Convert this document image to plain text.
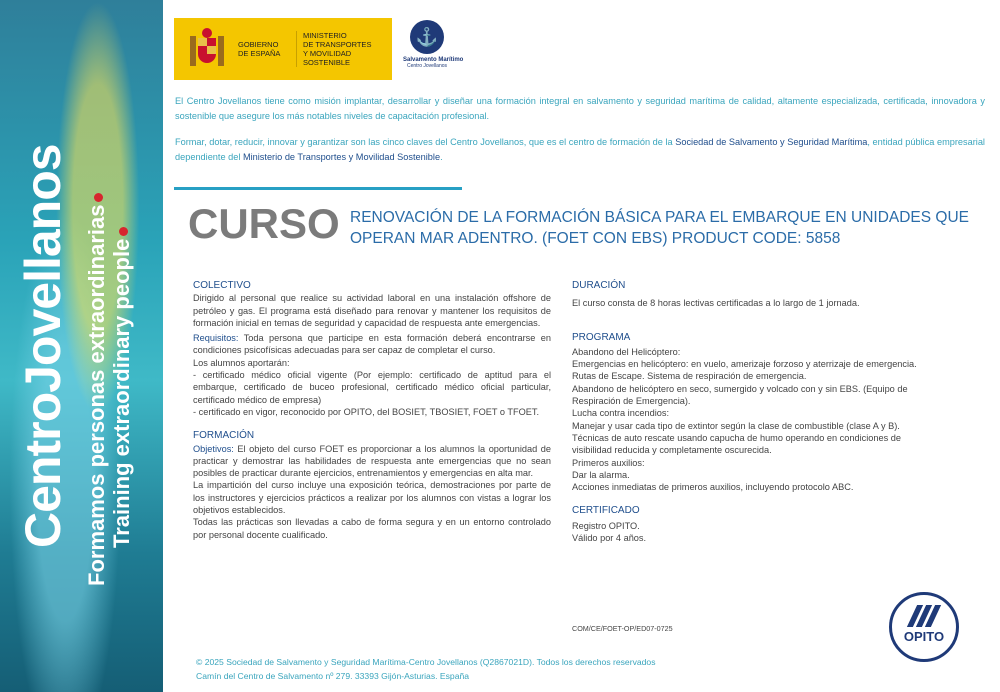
CentroJovellanos Formamos personas extraordinarias Training extraordinary people
GOBIERNO
DE ESPAÑA
MINISTERIO
DE TRANSPORTES
Y MOVILIDAD SOSTENIBLE
⚓
Salvamento Marítimo
Centro Jovellanos
El Centro Jovellanos tiene como misión implantar, desarrollar y diseñar una formación integral en salvamento y seguridad marítima de calidad, altamente especializada, certificada, innovadora y sostenible que asegure los más notables niveles de capacitación profesional.
Formar, dotar, reducir, innovar y garantizar son las cinco claves del Centro Jovellanos, que es el centro de formación de la Sociedad de Salvamento y Seguridad Marítima, entidad pública empresarial dependiente del Ministerio de Transportes y Movilidad Sostenible.
CURSO RENOVACIÓN DE LA FORMACIÓN BÁSICA PARA EL EMBARQUE EN UNIDADES QUE OPERAN MAR ADENTRO. (FOET CON EBS) PRODUCT CODE: 5858
COLECTIVO

Dirigido al personal que realice su actividad laboral en una instalación offshore de petróleo y gas. El programa está diseñado para renovar y mantener los requisitos de formación inicial en temas de seguridad y capacidad de respuesta ante emergencias.

Requisitos: Toda persona que participe en esta formación deberá encontrarse en condiciones psicofísicas adecuadas para ser capaz de completar el curso.

Los alumnos aportarán:

- certificado médico oficial vigente (Por ejemplo: certificado de aptitud para el embarque, certificado de buceo profesional, certificado médico oficial particular, certificado médico de empresa)

- certificado en vigor, reconocido por OPITO, del BOSIET, TBOSIET, FOET o TFOET.

FORMACIÓN

Objetivos: El objeto del curso FOET es proporcionar a los alumnos la oportunidad de practicar y demostrar las habilidades de respuesta ante emergencias que no sean posibles de practicar durante ejercicios, entrenamientos y emergencias en alta mar.

La impartición del curso incluye una exposición teórica, demostraciones por parte de los instructores y ejercicios prácticos a realizar por los alumnos con vistas a lograr los objetivos establecidos.

Todas las prácticas son llevadas a cabo de forma segura y en un entorno controlado por personal docente cualificado.

DURACIÓN

El curso consta de 8 horas lectivas certificadas a lo largo de 1 jornada.

PROGRAMA

Abandono del Helicóptero:

Emergencias en helicóptero: en vuelo, amerizaje forzoso y aterrizaje de emergencia. Rutas de Escape. Sistema de respiración de emergencia.

Abandono de helicóptero en seco, sumergido y volcado con y sin EBS. (Equipo de Respiración de Emergencia).

Lucha contra incendios:

Manejar y usar cada tipo de extintor según la clase de combustible (clase A y B).

Técnicas de auto rescate usando capucha de humo operando en condiciones de visibilidad reducida y completamente oscurecida.

Primeros auxilios:

Dar la alarma.

Acciones inmediatas de primeros auxilios, incluyendo protocolo ABC.

CERTIFICADO

Registro OPITO.

Válido por 4 años.

COM/CE/FOET-OP/ED07-0725
OPITO
© 2025 Sociedad de Salvamento y Seguridad Marítima-Centro Jovellanos (Q2867021D). Todos los derechos reservados
Camín del Centro de Salvamento nº 279. 33393 Gijón-Asturias. España
